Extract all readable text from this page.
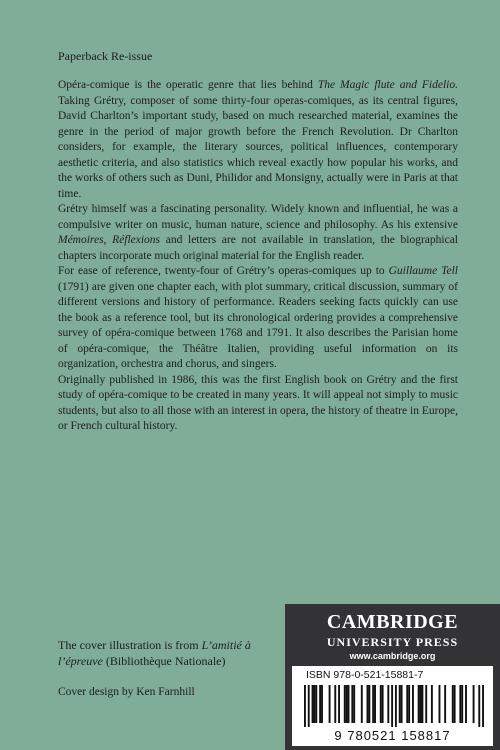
Paperback Re-issue

Opéra-comique is the operatic genre that lies behind The Magic flute and Fidelio. Taking Grétry, composer of some thirty-four operas-comiques, as its central figures, David Charlton’s important study, based on much researched material, examines the genre in the period of major growth before the French Revolution. Dr Charlton considers, for example, the literary sources, political influences, contemporary aesthetic criteria, and also statistics which reveal exactly how popular his works, and the works of others such as Duni, Philidor and Monsigny, actually were in Paris at that time.

Grétry himself was a fascinating personality. Widely known and influential, he was a compulsive writer on music, human nature, science and philosophy. As his extensive Mémoires, Réflexions and letters are not available in translation, the biographical chapters incorporate much original material for the English reader.

For ease of reference, twenty-four of Grétry’s operas-comiques up to Guillaume Tell (1791) are given one chapter each, with plot summary, critical discussion, summary of different versions and history of performance. Readers seeking facts quickly can use the book as a reference tool, but its chronological ordering provides a comprehensive survey of opéra-comique between 1768 and 1791. It also describes the Parisian home of opéra-comique, the Théâtre Italien, providing useful information on its organization, orchestra and chorus, and singers.

Originally published in 1986, this was the first English book on Grétry and the first study of opéra-comique to be created in many years. It will appeal not simply to music students, but also to all those with an interest in opera, the history of theatre in Europe, or French cultural history.

The cover illustration is from L’amitié à l’épreuve (Bibliothèque Nationale)
Cover design by Ken Farnhill
CAMBRIDGE
UNIVERSITY PRESS
www.cambridge.org
ISBN 978-0-521-15881-7
9 780521 158817
